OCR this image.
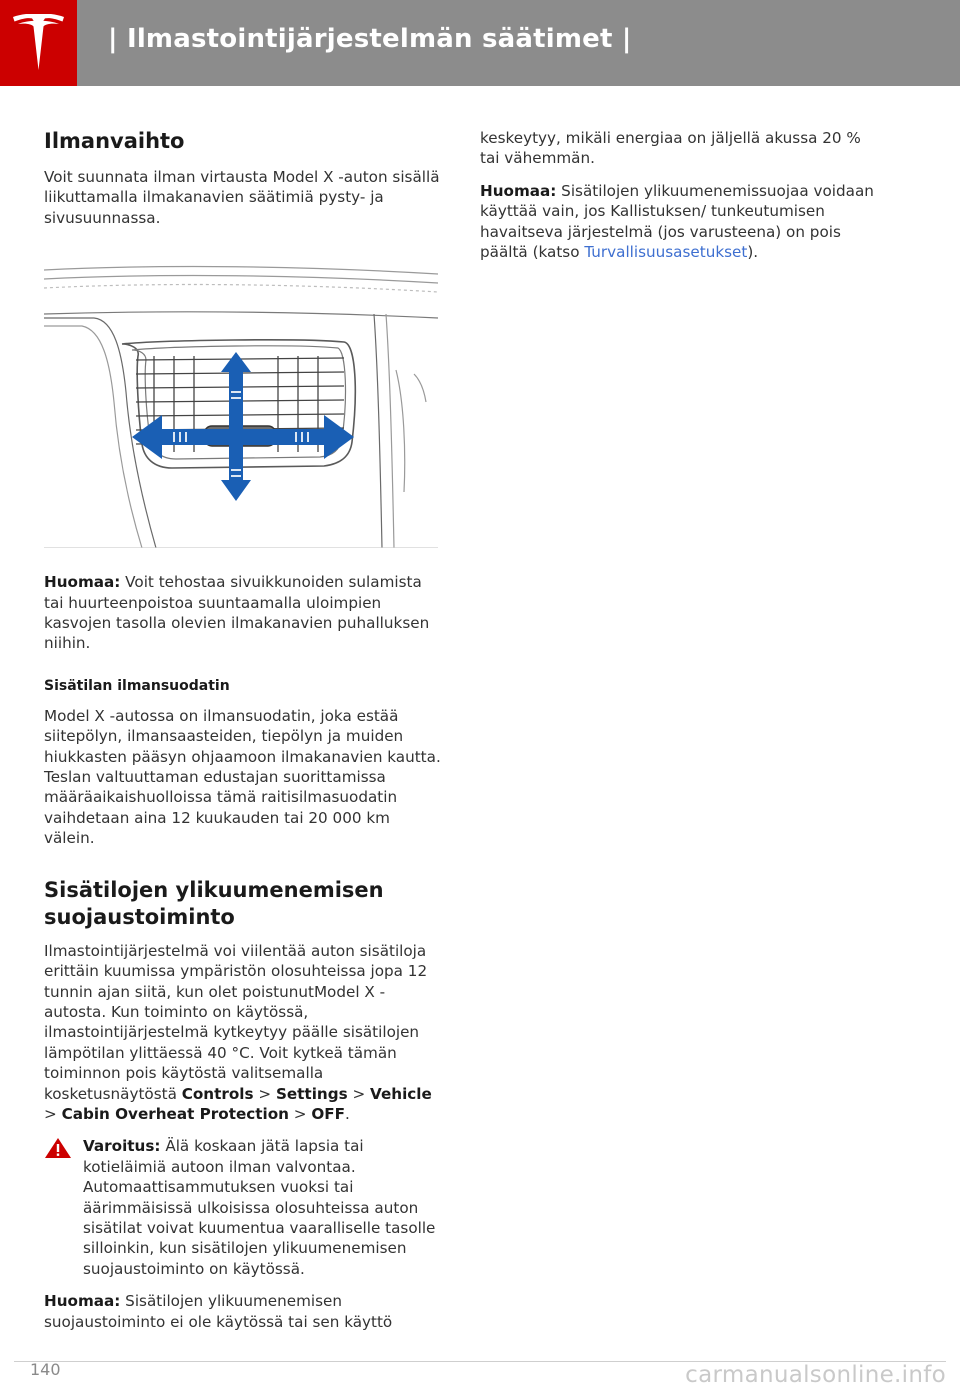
| Ilmastointijärjestelmän säätimet |
Ilmanvaihto

Voit suunnata ilman virtausta Model X -auton sisällä liikuttamalla ilmakanavien säätimiä pysty- ja sivusuunnassa.

Huomaa: Voit tehostaa sivuikkunoiden sulamista tai huurteenpoistoa suuntaamalla uloimpien kasvojen tasolla olevien ilmakanavien puhalluksen niihin.

Sisätilan ilmansuodatin

Model X -autossa on ilmansuodatin, joka estää siitepölyn, ilmansaasteiden, tiepölyn ja muiden hiukkasten pääsyn ohjaamoon ilmakanavien kautta. Teslan valtuuttaman edustajan suorittamissa määräaikaishuolloissa tämä raitisilmasuodatin vaihdetaan aina 12 kuukauden tai 20 000 km välein.

Sisätilojen ylikuumenemisen suojaustoiminto

Ilmastointijärjestelmä voi viilentää auton sisätiloja erittäin kuumissa ympäristön olosuhteissa jopa 12 tunnin ajan siitä, kun olet poistunutModel X -autosta. Kun toiminto on käytössä, ilmastointijärjestelmä kytkeytyy päälle sisätilojen lämpötilan ylittäessä 40 °C. Voit kytkeä tämän toiminnon pois käytöstä valitsemalla kosketusnäytöstä Controls > Settings > Vehicle > Cabin Overheat Protection > OFF.

Varoitus: Älä koskaan jätä lapsia tai kotieläimiä autoon ilman valvontaa. Automaattisammutuksen vuoksi tai äärimmäisissä ulkoisissa olosuhteissa auton sisätilat voivat kuumentua vaaralliselle tasolle silloinkin, kun sisätilojen ylikuumenemisen suojaustoiminto on käytössä.

Huomaa: Sisätilojen ylikuumenemisen suojaustoiminto ei ole käytössä tai sen käyttö

keskeytyy, mikäli energiaa on jäljellä akussa 20 % tai vähemmän.

Huomaa: Sisätilojen ylikuumenemissuojaa voidaan käyttää vain, jos Kallistuksen/ tunkeutumisen havaitseva järjestelmä (jos varusteena) on pois päältä (katso Turvallisuusasetukset).

140	carmanualsonline.info
